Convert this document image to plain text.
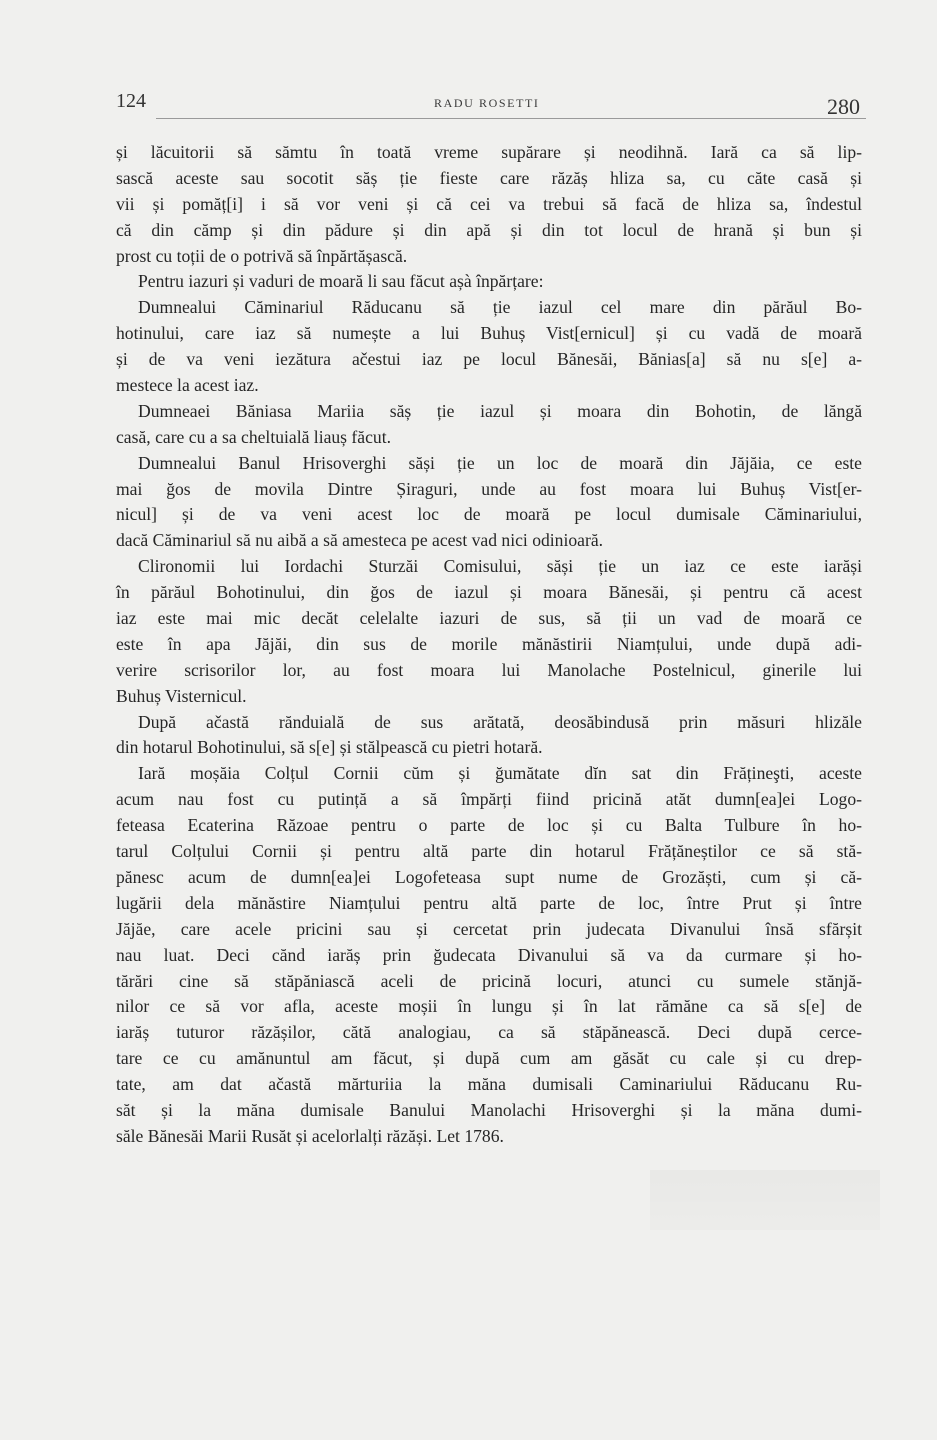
124	RADU ROSETTI	280
și lăcuitorii să sămtu în toată vreme supărare și neodihnă. Iară ca să lip-
sască aceste sau socotit săș ție fieste care răzăș hliza sa, cu căte casă și
vii și pomăț[i] i să vor veni și că cei va trebui să facă de hliza sa, îndestul
că din cămp și din pădure și din apă și din tot locul de hrană și bun și
prost cu toții de o potrivă să înpărtășască.
Pentru iazuri și vaduri de moară li sau făcut așà înpărțare:
Dumnealui Căminariul Răducanu să ție iazul cel mare din părăul Bo-
hotinului, care iaz să numește a lui Buhuș Vist[ernicul] și cu vadă de moară
și de va veni iezătura ačestui iaz pe locul Bănesăi, Bănias[a] să nu s[e] a-
mestece la acest iaz.
Dumneaei Băniasa Mariia săș ție iazul și moara din Bohotin, de lăngă
casă, care cu a sa cheltuială liauș făcut.
Dumnealui Banul Hrisoverghi săși ție un loc de moară din Jăjăia, ce este
mai ğos de movila Dintre Șiraguri, unde au fost moara lui Buhuș Vist[er-
nicul] și de va veni acest loc de moară pe locul dumisale Căminariului,
dacă Căminariul să nu aibă a să amesteca pe acest vad nici odinioară.
Clironomii lui Iordachi Sturzăi Comisului, săși ție un iaz ce este iarăși
în părăul Bohotinului, din ğos de iazul și moara Bănesăi, și pentru că acest
iaz este mai mic decăt celelalte iazuri de sus, să ții un vad de moară ce
este în apa Jăjăi, din sus de morile mănăstirii Niamțului, unde după adi-
verire scrisorilor lor, au fost moara lui Manolache Postelnicul, ginerile lui
Buhuș Visternicul.
După ačastă rănduială de sus arătată, deosăbindusă prin măsuri hlizăle
din hotarul Bohotinului, să s[e] și stălpească cu pietri hotară.
Iară moșăia Colțul Cornii cŭm și ğumătate dĭn sat din Frățineşti, aceste
acum nau fost cu putință a să împărți fiind pricină atăt dumn[ea]ei Logo-
feteasa Ecaterina Răzoae pentru o parte de loc și cu Balta Tulbure în ho-
tarul Colțului Cornii și pentru altă parte din hotarul Frățăneștilor ce să stă-
pănesc acum de dumn[ea]ei Logofeteasa supt nume de Grozăști, cum și că-
lugării dela mănăstire Niamțului pentru altă parte de loc, între Prut și între
Jăjăe, care acele pricini sau și cercetat prin judecata Divanului însă sfărșit
nau luat. Deci cănd iarăș prin ğudecata Divanului să va da curmare și ho-
tărări cine să stăpăniască aceli de pricină locuri, atunci cu sumele stănjă-
nilor ce să vor afla, aceste moșii în lungu și în lat rămăne ca să s[e] de
iarăș tuturor răzășilor, cătă analogiau, ca să stăpănească. Deci după cerce-
tare ce cu amănuntul am făcut, și după cum am găsăt cu cale și cu drep-
tate, am dat ačastă mărturiia la măna dumisali Caminariului Răducanu Ru-
săt și la măna dumisale Banului Manolachi Hrisoverghi și la măna dumi-
săle Bănesăi Marii Rusăt și acelorlalți răzăși. Let 1786.
